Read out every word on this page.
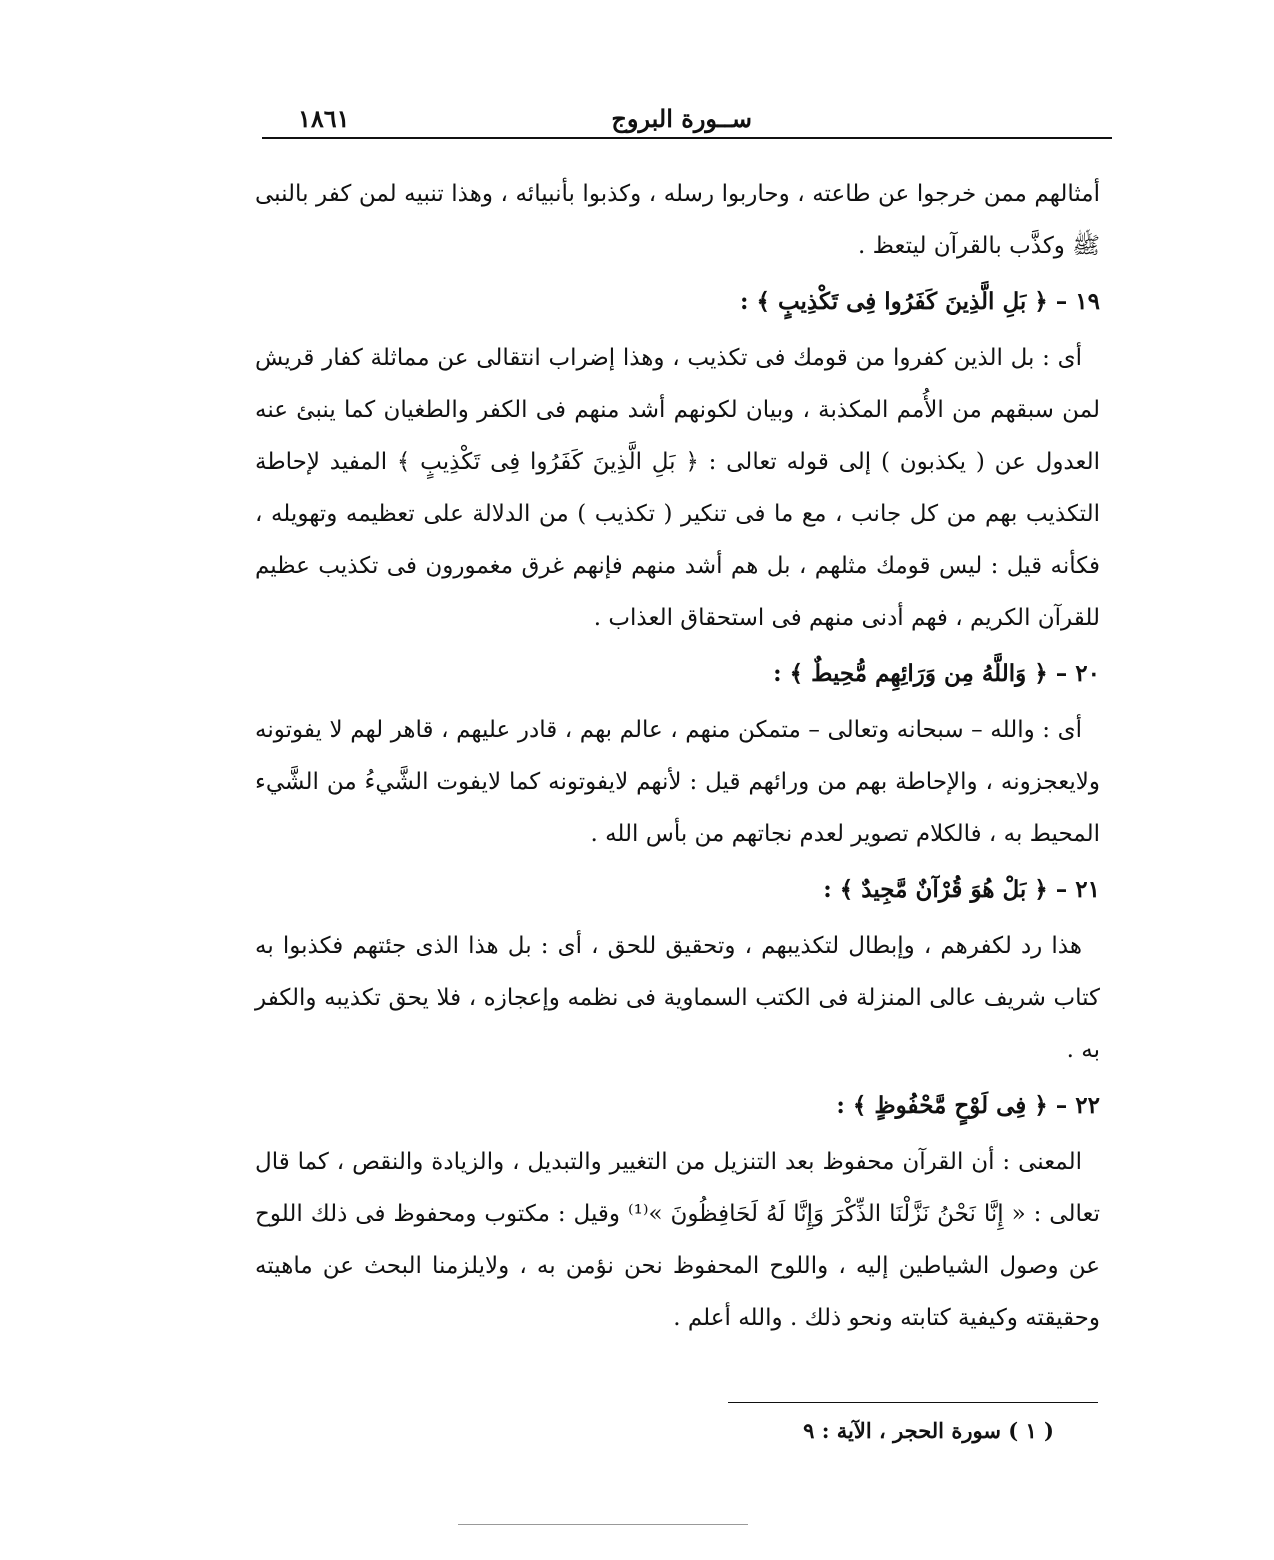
ســورة البروج
١٨٦١

أمثالهم ممن خرجوا عن طاعته ، وحاربوا رسله ، وكذبوا بأنبيائه ، وهذا تنبيه لمن كفر بالنبى ﷺ وكذَّب بالقرآن ليتعظ .

١٩ – ﴿ بَلِ الَّذِينَ كَفَرُوا فِى تَكْذِيبٍ ﴾ :

أى : بل الذين كفروا من قومك فى تكذيب ، وهذا إضراب انتقالى عن مماثلة كفار قريش لمن سبقهم من الأُمم المكذبة ، وبيان لكونهم أشد منهم فى الكفر والطغيان كما ينبئ عنه العدول عن ( يكذبون ) إلى قوله تعالى : ﴿ بَلِ الَّذِينَ كَفَرُوا فِى تَكْذِيبٍ ﴾ المفيد لإحاطة التكذيب بهم من كل جانب ، مع ما فى تنكير ( تكذيب ) من الدلالة على تعظيمه وتهويله ، فكأنه قيل : ليس قومك مثلهم ، بل هم أشد منهم فإنهم غرق مغمورون فى تكذيب عظيم للقرآن الكريم ، فهم أدنى منهم فى استحقاق العذاب .

٢٠ – ﴿ وَاللَّهُ مِن وَرَائِهِم مُّحِيطٌ ﴾ :

أى : والله – سبحانه وتعالى – متمكن منهم ، عالم بهم ، قادر عليهم ، قاهر لهم لا يفوتونه ولايعجزونه ، والإحاطة بهم من ورائهم قيل : لأنهم لايفوتونه كما لايفوت الشَّيءُ من الشَّيء المحيط به ، فالكلام تصوير لعدم نجاتهم من بأس الله .

٢١ – ﴿ بَلْ هُوَ قُرْآنٌ مَّجِيدٌ ﴾ :

هذا رد لكفرهم ، وإبطال لتكذيبهم ، وتحقيق للحق ، أى : بل هذا الذى جئتهم فكذبوا به كتاب شريف عالى المنزلة فى الكتب السماوية فى نظمه وإعجازه ، فلا يحق تكذيبه والكفر به .

٢٢ – ﴿ فِى لَوْحٍ مَّحْفُوظٍ ﴾ :

المعنى : أن القرآن محفوظ بعد التنزيل من التغيير والتبديل ، والزيادة والنقص ، كما قال تعالى : « إِنَّا نَحْنُ نَزَّلْنَا الذِّكْرَ وَإِنَّا لَهُ لَحَافِظُونَ »⁽¹⁾ وقيل : مكتوب ومحفوظ فى ذلك اللوح عن وصول الشياطين إليه ، واللوح المحفوظ نحن نؤمن به ، ولايلزمنا البحث عن ماهيته وحقيقته وكيفية كتابته ونحو ذلك . والله أعلم .

( ١ ) سورة الحجر ، الآية : ٩
